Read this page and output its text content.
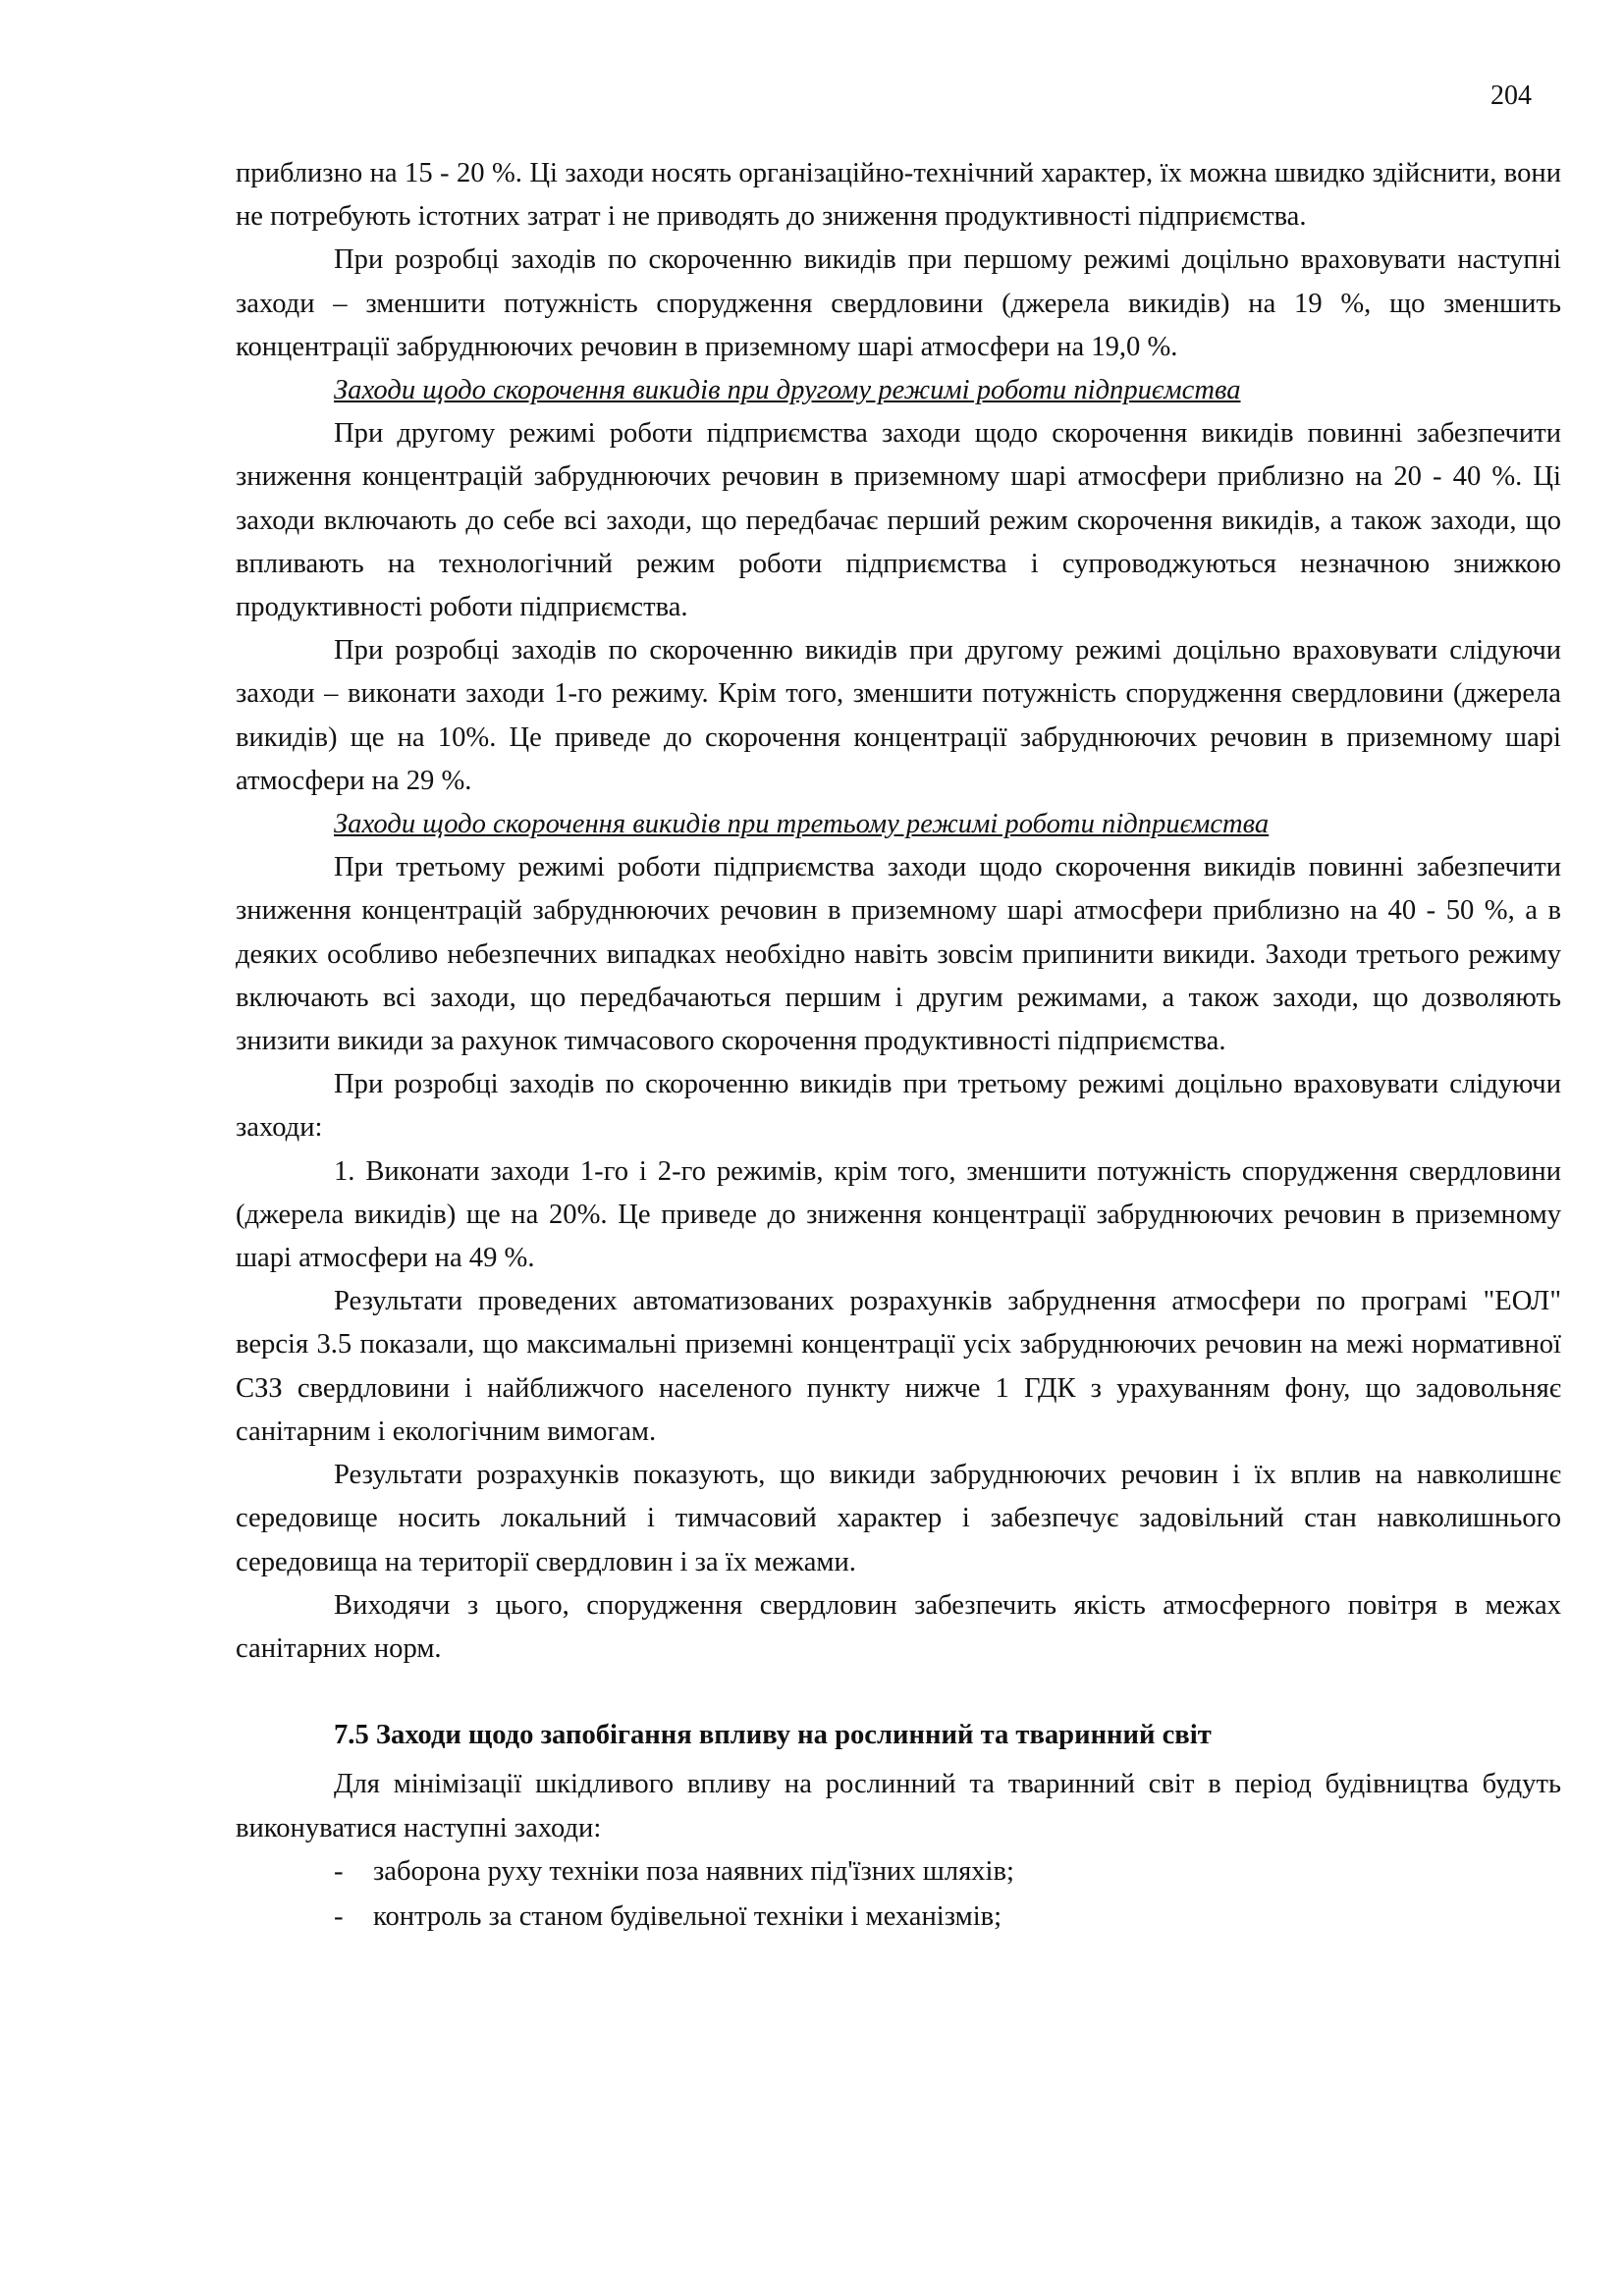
204

приблизно на 15 - 20 %. Ці заходи носять організаційно-технічний характер, їх можна швидко здійснити, вони не потребують істотних затрат і не приводять до зниження продуктивності підприємства.

При розробці заходів по скороченню викидів при першому режимі доцільно враховувати наступні заходи – зменшити потужність спорудження свердловини (джерела викидів) на 19 %, що зменшить концентрації забруднюючих речовин в приземному шарі атмосфери на 19,0 %.

Заходи щодо скорочення викидів при другому режимі роботи підприємства

При другому режимі роботи підприємства заходи щодо скорочення викидів повинні забезпечити зниження концентрацій забруднюючих речовин в приземному шарі атмосфери приблизно на 20 - 40 %. Ці заходи включають до себе всі заходи, що передбачає перший режим скорочення викидів, а також заходи, що впливають на технологічний режим роботи підприємства і супроводжуються незначною знижкою продуктивності роботи підприємства.

При розробці заходів по скороченню викидів при другому режимі доцільно враховувати слідуючи заходи – виконати заходи 1-го режиму. Крім того, зменшити потужність спорудження свердловини (джерела викидів) ще на 10%. Це приведе до скорочення концентрації забруднюючих речовин в приземному шарі атмосфери на 29 %.

Заходи щодо скорочення викидів при третьому режимі роботи підприємства

При третьому режимі роботи підприємства заходи щодо скорочення викидів повинні забезпечити зниження концентрацій забруднюючих речовин в приземному шарі атмосфери приблизно на 40 - 50 %, а в деяких особливо небезпечних випадках необхідно навіть зовсім припинити викиди. Заходи третього режиму включають всі заходи, що передбачаються першим і другим режимами, а також заходи, що дозволяють знизити викиди за рахунок тимчасового скорочення продуктивності підприємства.

При розробці заходів по скороченню викидів при третьому режимі доцільно враховувати слідуючи заходи:

1. Виконати заходи 1-го і 2-го режимів, крім того, зменшити потужність спорудження свердловини (джерела викидів) ще на 20%. Це приведе до зниження концентрації забруднюючих речовин в приземному шарі атмосфери на 49 %.

Результати проведених автоматизованих розрахунків забруднення атмосфери по програмі "ЕОЛ" версія 3.5 показали, що максимальні приземні концентрації усіх забруднюючих речовин на межі нормативної СЗЗ свердловини і найближчого населеного пункту нижче 1 ГДК з урахуванням фону, що задовольняє санітарним і екологічним вимогам.

Результати розрахунків показують, що викиди забруднюючих речовин і їх вплив на навколишнє середовище носить локальний і тимчасовий характер і забезпечує задовільний стан навколишнього середовища на території свердловин і за їх межами.

Виходячи з цього, спорудження свердловин забезпечить якість атмосферного повітря в межах санітарних норм.

7.5 Заходи щодо запобігання впливу на рослинний та тваринний світ

Для мінімізації шкідливого впливу на рослинний та тваринний світ в період будівництва будуть виконуватися наступні заходи:

- заборона руху техніки поза наявних під'їзних шляхів;
- контроль за станом будівельної техніки і механізмів;
